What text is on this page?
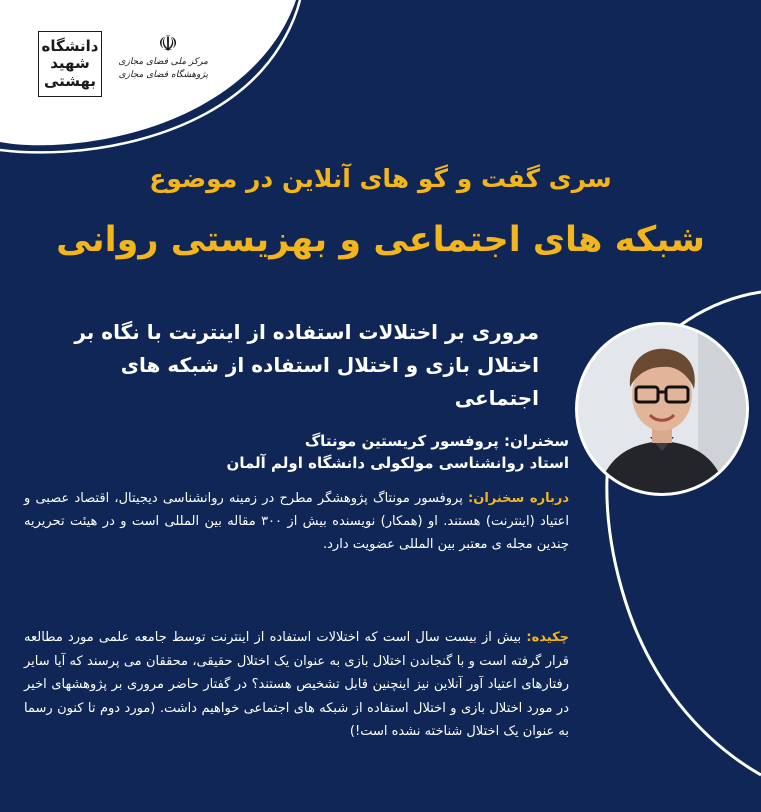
دانشگاه شهید بهشتی
☫
مرکز ملی فضای مجازی
پژوهشگاه فضای مجازی
سری گفت و گو های آنلاین در موضوع
شبکه های اجتماعی و بهزیستی روانی
مروری بر اختلالات استفاده از اینترنت با نگاه بر
اختلال بازی و اختلال استفاده از شبکه های اجتماعی
سخنران: پروفسور کریستین مونتاگ
استاد روانشناسی مولکولی دانشگاه اولم آلمان
درباره سخنران: پروفسور مونتاگ پژوهشگر مطرح در زمینه روانشناسی دیجیتال، اقتصاد عصبی و اعتیاد (اینترنت) هستند. او (همکار) نویسنده بیش از ۳۰۰ مقاله بین المللی است و در هیئت تحریریه چندین مجله ی معتبر بین المللی عضویت دارد.
چکیده: بیش از بیست سال است که اختلالات استفاده از اینترنت توسط جامعه علمی مورد مطالعه قرار گرفته است و با گنجاندن اختلال بازی به عنوان یک اختلال حقیقی، محققان می پرسند که آیا سایر رفتارهای اعتیاد آور آنلاین نیز اینچنین قابل تشخیص هستند؟ در گفتار حاضر مروری بر پژوهشهای اخیر در مورد اختلال بازی و اختلال استفاده از شبکه های اجتماعی خواهیم داشت. (مورد دوم تا کنون رسما به عنوان یک اختلال شناخته نشده است!)
